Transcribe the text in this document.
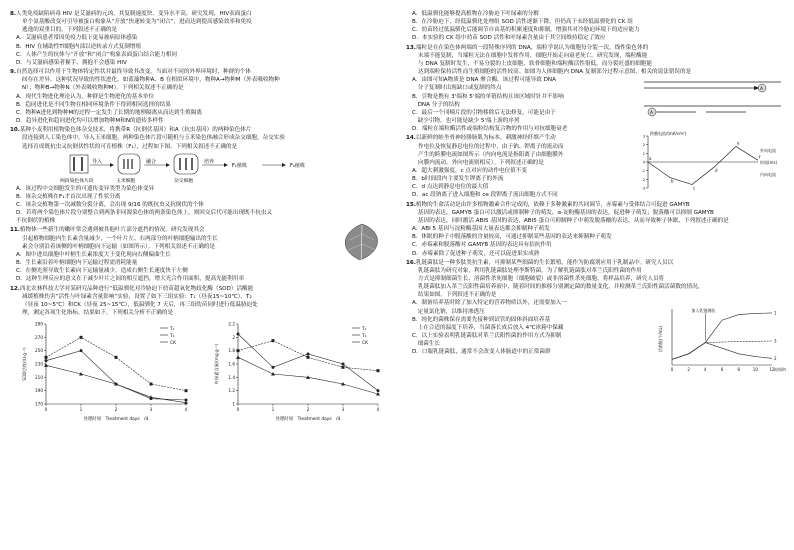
8.人类免疫缺陷病毒 HIV 是艾滋病的元凶，其复制速度快、变异水平高。研究发现，HIV表面蛋白
单个氨基酸改变可引导被蛋白构象从“开放”快速转变为“闭合”，进而达到提高感染效率和免疫
逃逸的双重目的。下列叙述不正确的是
A．艾滋病患者常因免疫力低下更易被病原体感染
B．HIV 在辅助性T细胞内部以逆转录方式复制增殖
C．人体产生的抗体与“开放”和“闭合”构象表面蛋白结合能力相同
D．与艾滋病感染者握手、拥抱不会感染 HIV
9.自然选择可以作用于生物体特定性状并最终导致其改变。当面对不同的外界环境时，种群的个体
间存在差异。这种状况导致的性状进化，如蓝藻物种A、B 在相似环境中，物种A→物种M（外表吸收物种
N）；物种B→物种N（外表吸收物种M）。下列相关叙述不正确的是
A．现代生物进化理论认为，种群是生物进化的基本单位
B．趋同进化是不同生物在相同环境条件下得到相同选择的结果
C．物种A进化到物种M的过程一定发生了长期的地理隔离从而达到生殖隔离
D．趋异进化和趋同进化均可以增加物种M和N的遗传多样性
10.某种小麦利用植物染色体杂交技术，将携带R（抗倒伏基因）和A（抗虫基因）的两种染色体片
段连接到人工染色体中，导入玉米细胞。两种染色体片段可随机与玉米染色体融合形成杂交细胞，杂交实验
选择育成既抗虫又抗倒伏性状的可育植株（F₁），过程如下图。下列相关叙述不正确的是
导入	融合	培养
F₁植株	F₂植株
两段染色体片段	玉米细胞	杂交细胞
A．该过程中交细胞发生的可遗传变异类型为染色体变异
B．该杂交植株在F₁才首次出现了性状分离
C．该杂交植物第一次减数分裂分离，会出现 9/16 的既抗虫又抗倒伏的个体
D．若将两个染色体片段分别整合到两条非同源染色体的两条染色体上，则回交后代可能出现既不抗虫又
不抗倒伏的植株
11.植物体一些新生的嫩叶常会遇到被其他叶片部分遮挡的情况。研究发现其会
引起植物细胞内生长素含量减少，一个叶片左、右两部分的叶柄细胞输出的生长
素会分别沿着该侧的叶柄细胞向下运输（如图所示）。下列相关叙述不正确的是
A．图中进出细胞中叶柄生长素浓度大于变化现向右侧偏曲生长
B．生长素沿着叶柄细胞内下运输过程需消耗能量
C．在侧光照导致生长素向下运输量减少，造成右侧生长速度快于左侧
D．这种生理反应的意义在于减少叶片之间的相互遮挡，增大光合作用面积，提高光能利用率
12.西北农林科技大学对某研究品种进行“低温驯化对冷胁迫下幼苗超氧化物歧化酶（SOD）活酶能
减缓植株伤害”活性与叶绿素含量影响”实验，设置了如下三组实验：T₁（昼夜15~10℃）、T₂
（昼夜 10~5℃）和CK（昼夜 25~15℃），低温驯化 7 天后，再三组幼苗同时进行低温胁迫处
理，测定各项生化指标，结果如下。下列相关分析不正确的是
170
190
210
230
250
270
290
0	1	2	3	4
SOD活性/(U·g⁻¹)
处理时间　Treatment days　/d
T₁
T₂
CK
1
1.2
1.4
1.6
1.8
2
2.2
0	1	2	3	4
叶绿素含量/(mg·g⁻¹)
处理时间　Treatment days　/d
T₁
T₂
CK
A．低温驯化能够提高植物在冷胁迫下叶绿素的分解
B．在冷胁迫下，经低温驯化处理组 SOD 活性逐渐下降，但仍高于未经低温驯化的 CK 组
C．幼苗经过低温驯化后能调节自由基的积累速度和抑制，增强其对冷胁迫环境下的适应能力
D．本实验的 CK 组中幼苗 SOD 活性和叶绿素含量由于其空间维持稳定了效应
13.端粒是在在染色体两端的一段特殊序列的 DNA，端粒学说认为细胞每分裂一次，线性染色体的
末端不能复制，当端粒无法在细胞中发挥作用，细胞开始走向衰老死亡。研究发现，端粒酶能
与 DNA 复制时发生，不易分裂的上皮细胞，软骨细胞和端粒酶活性很低，而分裂旺盛的细胞能
达到端粒保持活性而生殖细胞的活性较高。如图为人体细胞内 DNA 复制部分过程示意图，相关的说法错误的是
A．由图可知A物质是 DNA 聚合酶，该过程可能导致 DNA
　分子复制时出现缺口或复制的终点
B．引物是携有 3'端和 5'端的单链结构且该区域时针并不影响
　DNA 分子的结构
C．最后一个冈崎片段的引物移除后无法修复，可能是由于
　缺少引物，也可能是缺少 5'端上游的序列
D．端粒在端粒酶活性或端粒结构复合物的作用与对抗细胞衰老
A
A
14.以新鲜的蛙坐骨神经腓肠肌为标本，刺激神经纤维产生动
作电位及恢复静息电位的过程中，由于钠、钾离子的流动而
产生的跨膜电流如图所示（内向电流是指阳离子由细胞膜外
向膜内流动，外向电流则相反）。下列叙述正确的是
A．超大刺激强度，c 点对应的动作电位值不变
B．b时间段内主要发生钾离子的外流
C．d 点达到静息电位的最大值
D．ac 段钠离子进入细胞和 ce 段钾离子流出细胞方式不同
-3
-2
-1
0
1
2
3
a
b
c
d
e
f
跨膜电流/(mA/cm²)
外向电流
内向电流
时间(ms)
15.植物的生命活动是由许多植物激素合作完成的，依赖于多种激素的共同调节，赤霉素与受体结合可促进 GAMYB
基因的表达，GAMYB 蛋白可以激活或抑制种子的萌发，α-淀粉酶基因的表达，促进种子萌发；脱落酸可以抑制 GAMYB
基因的表达，同时激活 ABI5 基因的表达，ABI5 蛋白可抑制种子中萌发脱落酸的表达，从而导致种子休眠，下列叙述正确的是
A．ABI 5 基因与淀粉酶基因大量表达都会抑制种子萌发
B．休眠的种子中脱落酸的含量较高，可通过抑制某些基因的表达来抑制种子萌发
C．赤霉素和脱落酸对 GAMYB 基因的表达具有拮抗作用
D．赤霉素除了促进种子萌发，还可以促进果实成熟
16.乳链菌肽是一种多肽类抗生素，可抑制某些细菌的生长繁殖，能作为防腐剂应用于乳制品中。研究人员以
乳链菌肽为研究对象，利用乳链菌肽处理李斯特菌，为了解乳链菌肽对革兰氏阳性菌的作用
方式是抑制细菌生长、溶菌性杀死细胞（细胞破裂）或非溶菌性杀死细胞，将样品培养，研究人员将
乳链菌肽加入革兰氏阳性菌培养液中，随着时间的推移分别测定菌的数量变化，并检测革兰氏阳性菌活菌数的情况，
结果如图。下列叙述不正确的是
A．制备培养基时除了加入特定的营养物质以外，还需要加入一
　定量氯化钠，以维持渗透压
B．纯化的菌株保存需要先接种到试管的固体斜面培养基
　上在合适的温度下培养，当菌落长成后放入 4℃冰箱中保藏
C．以上实验表明乳链菌肽对革兰氏阳性菌的作用方式为抑制
　细菌生长
D．口服乳链菌肽，通常不会改变人体肠道中的正常菌群
0	2	4	6	8	10	12
1
2
3
加入乳链菌肽
活菌数(个/mL)
时间/h
